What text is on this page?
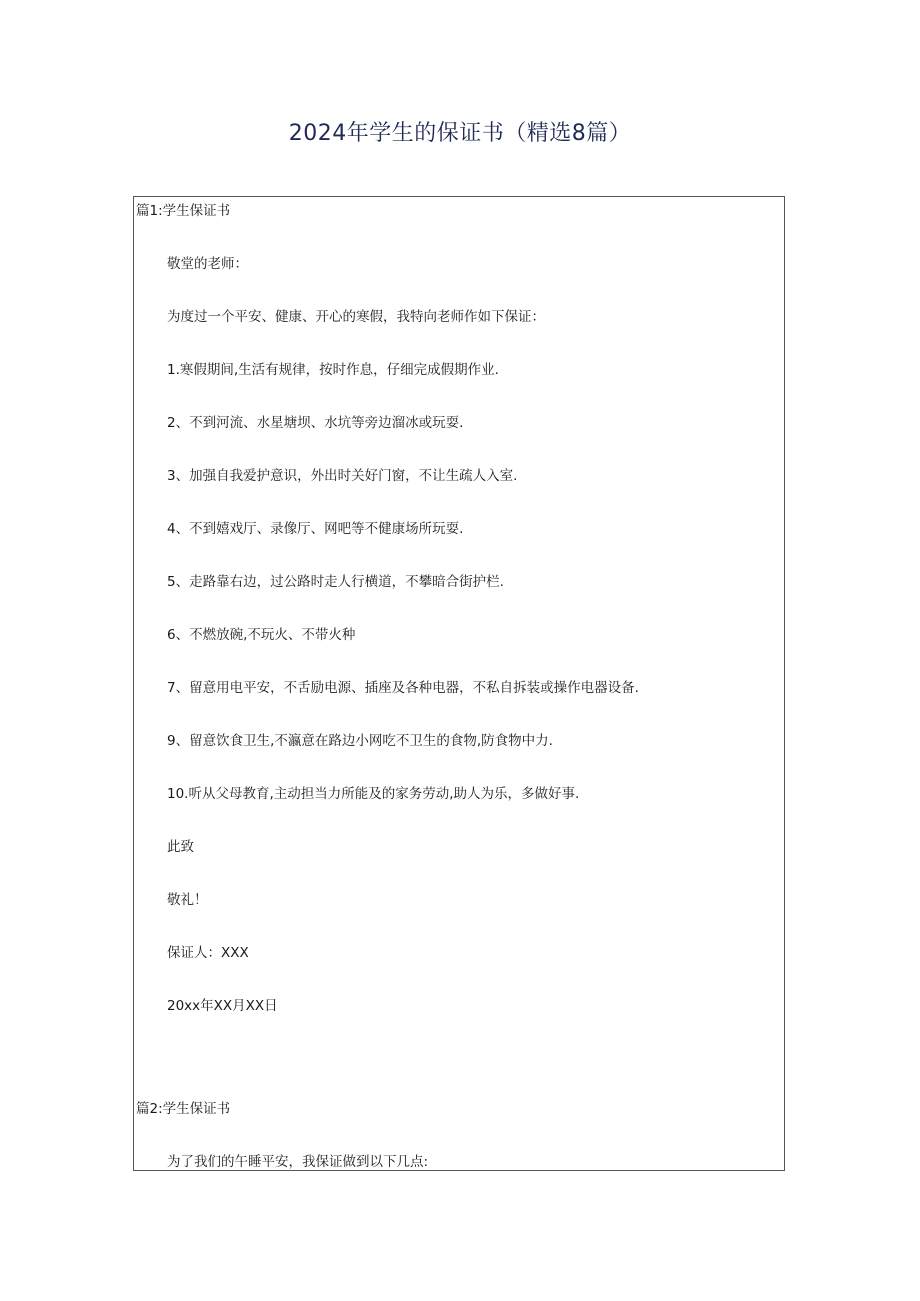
2024年学生的保证书（精选8篇）
篇1:学生保证书
敬堂的老师：
为度过一个平安、健康、开心的寒假，我特向老师作如下保证：
1.寒假期间,生活有规律，按时作息，仔细完成假期作业.
2、不到河流、水星塘坝、水坑等旁边溜冰或玩耍.
3、加强自我爱护意识，外出时关好门窗，不让生疏人入室.
4、不到嬉戏厅、录像厅、网吧等不健康场所玩耍.
5、走路靠右边，过公路时走人行横道，不攀暗合街护栏.
6、不燃放碗,不玩火、不带火种
7、留意用电平安，不舌励电源、插座及各种电器，不私自拆装或操作电器设备.
9、留意饮食卫生,不瀛意在路边小网吃不卫生的食物,防食物中力.
10.听从父母教育,主动担当力所能及的家务劳动,助人为乐，多做好事.
此致
敬礼！
保证人：XXX
20xx年XX月XX日
篇2:学生保证书
为了我们的午睡平安，我保证做到以下几点:
